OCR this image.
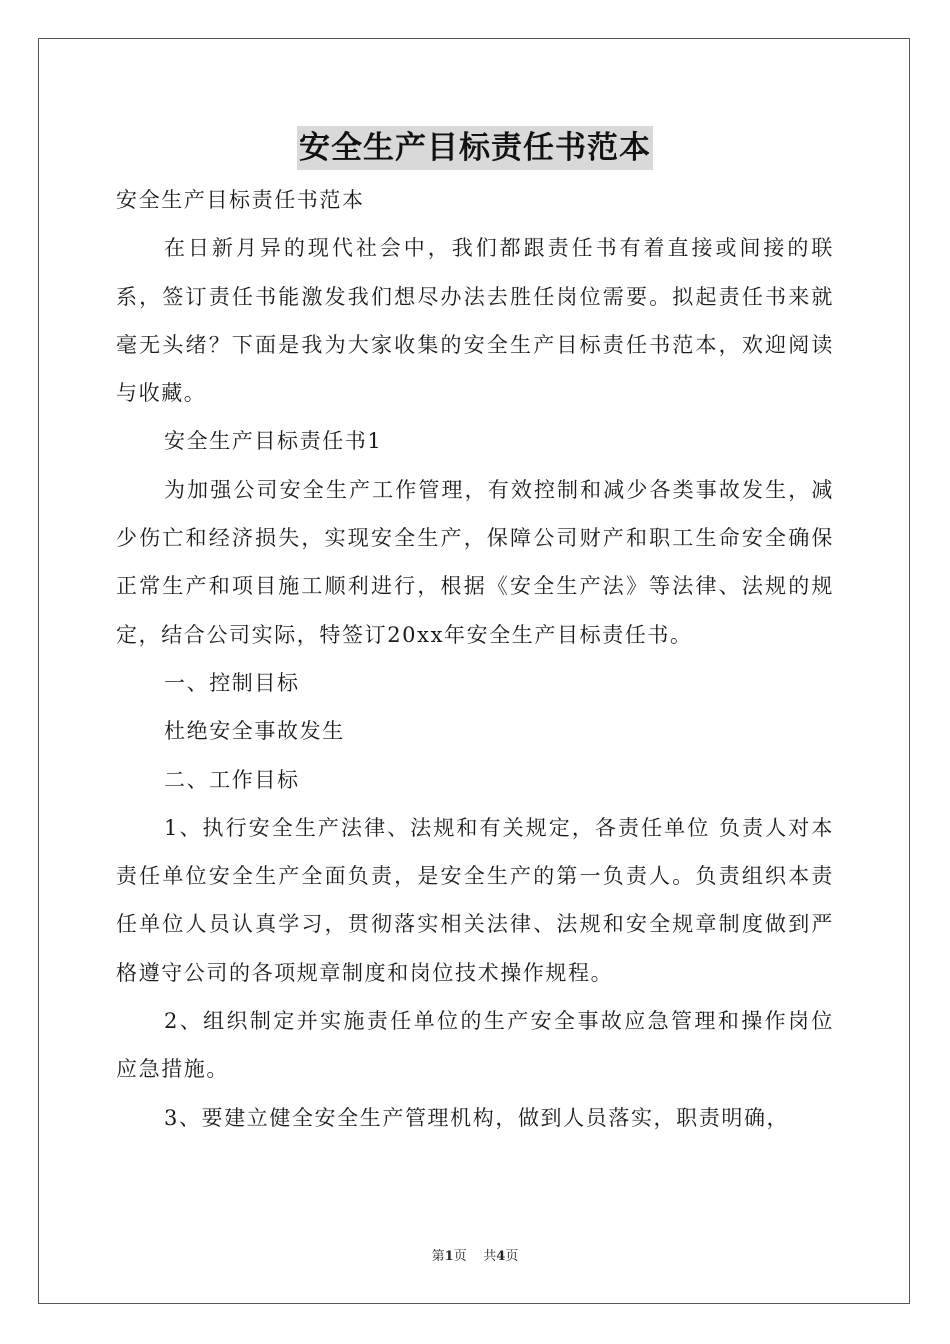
安全生产目标责任书范本

安全生产目标责任书范本

在日新月异的现代社会中，我们都跟责任书有着直接或间接的联系，签订责任书能激发我们想尽办法去胜任岗位需要。拟起责任书来就毫无头绪？下面是我为大家收集的安全生产目标责任书范本，欢迎阅读与收藏。

安全生产目标责任书1

为加强公司安全生产工作管理，有效控制和减少各类事故发生，减少伤亡和经济损失，实现安全生产，保障公司财产和职工生命安全确保正常生产和项目施工顺利进行，根据《安全生产法》等法律、法规的规定，结合公司实际，特签订20xx年安全生产目标责任书。

一、控制目标

杜绝安全事故发生

二、工作目标

1、执行安全生产法律、法规和有关规定，各责任单位 负责人对本责任单位安全生产全面负责，是安全生产的第一负责人。负责组织本责任单位人员认真学习，贯彻落实相关法律、法规和安全规章制度做到严格遵守公司的各项规章制度和岗位技术操作规程。

2、组织制定并实施责任单位的生产安全事故应急管理和操作岗位应急措施。

3、要建立健全安全生产管理机构，做到人员落实，职责明确，

第1页 共4页
